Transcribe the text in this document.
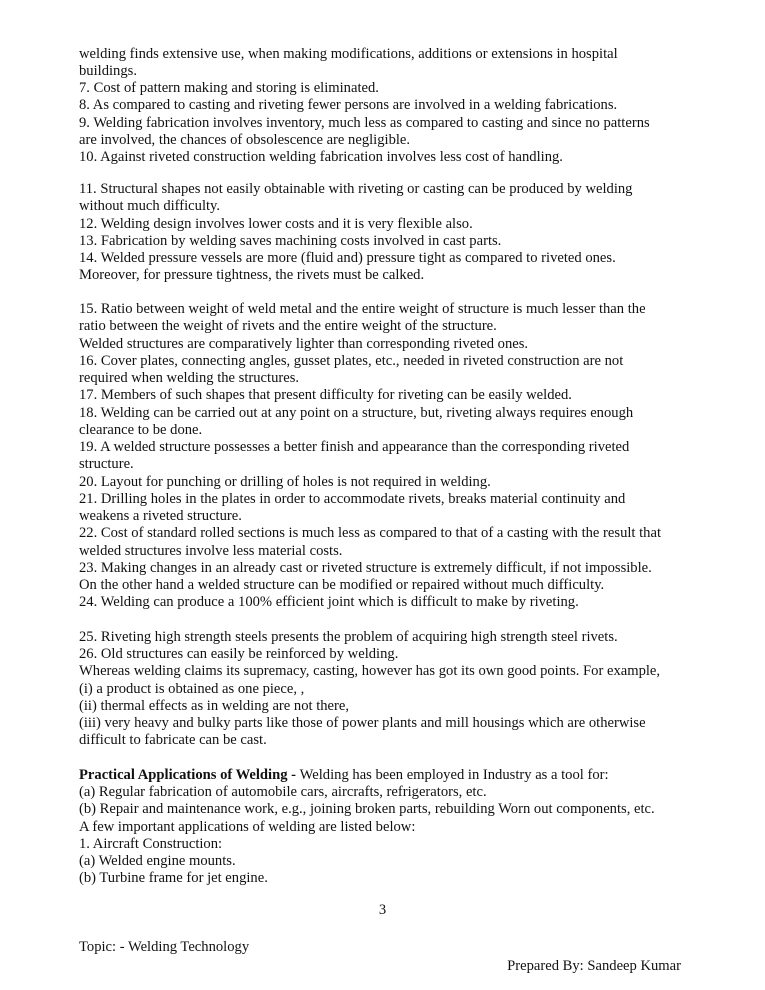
welding finds extensive use, when making modifications, additions or extensions in hospital
buildings.
7. Cost of pattern making and storing is eliminated.
8. As compared to casting and riveting fewer persons are involved in a welding fabrications.
9. Welding fabrication involves inventory, much less as compared to casting and since no patterns
are involved, the chances of obsolescence are negligible.
10. Against riveted construction welding fabrication involves less cost of handling.
11. Structural shapes not easily obtainable with riveting or casting can be produced by welding
without much difficulty.
12. Welding design involves lower costs and it is very flexible also.
13. Fabrication by welding saves machining costs involved in cast parts.
14. Welded pressure vessels are more (fluid and) pressure tight as compared to riveted ones.
Moreover, for pressure tightness, the rivets must be calked.
15. Ratio between weight of weld metal and the entire weight of structure is much lesser than the
ratio between the weight of rivets and the entire weight of the structure.
Welded structures are comparatively lighter than corresponding riveted ones.
16. Cover plates, connecting angles, gusset plates, etc., needed in riveted construction are not
required when welding the structures.
17. Members of such shapes that present difficulty for riveting can be easily welded.
18. Welding can be carried out at any point on a structure, but, riveting always requires enough
clearance to be done.
19. A welded structure possesses a better finish and appearance than the corresponding riveted
structure.
20. Layout for punching or drilling of holes is not required in welding.
21. Drilling holes in the plates in order to accommodate rivets, breaks material continuity and
weakens a riveted structure.
22. Cost of standard rolled sections is much less as compared to that of a casting with the result that
welded structures involve less material costs.
23. Making changes in an already cast or riveted structure is extremely difficult, if not impossible.
On the other hand a welded structure can be modified or repaired without much difficulty.
24. Welding can produce a 100% efficient joint which is difficult to make by riveting.
25. Riveting high strength steels presents the problem of acquiring high strength steel rivets.
26. Old structures can easily be reinforced by welding.
Whereas welding claims its supremacy, casting, however has got its own good points. For example,
(i) a product is obtained as one piece, ,
(ii) thermal effects as in welding are not there,
(iii) very heavy and bulky parts like those of power plants and mill housings which are otherwise
difficult to fabricate can be cast.
Practical Applications of Welding - Welding has been employed in Industry as a tool for:
(a) Regular fabrication of automobile cars, aircrafts, refrigerators, etc.
(b) Repair and maintenance work, e.g., joining broken parts, rebuilding Worn out components, etc.
A few important applications of welding are listed below:
1. Aircraft Construction:
(a) Welded engine mounts.
(b) Turbine frame for jet engine.
3
Topic: - Welding Technology
Prepared By: Sandeep Kumar
